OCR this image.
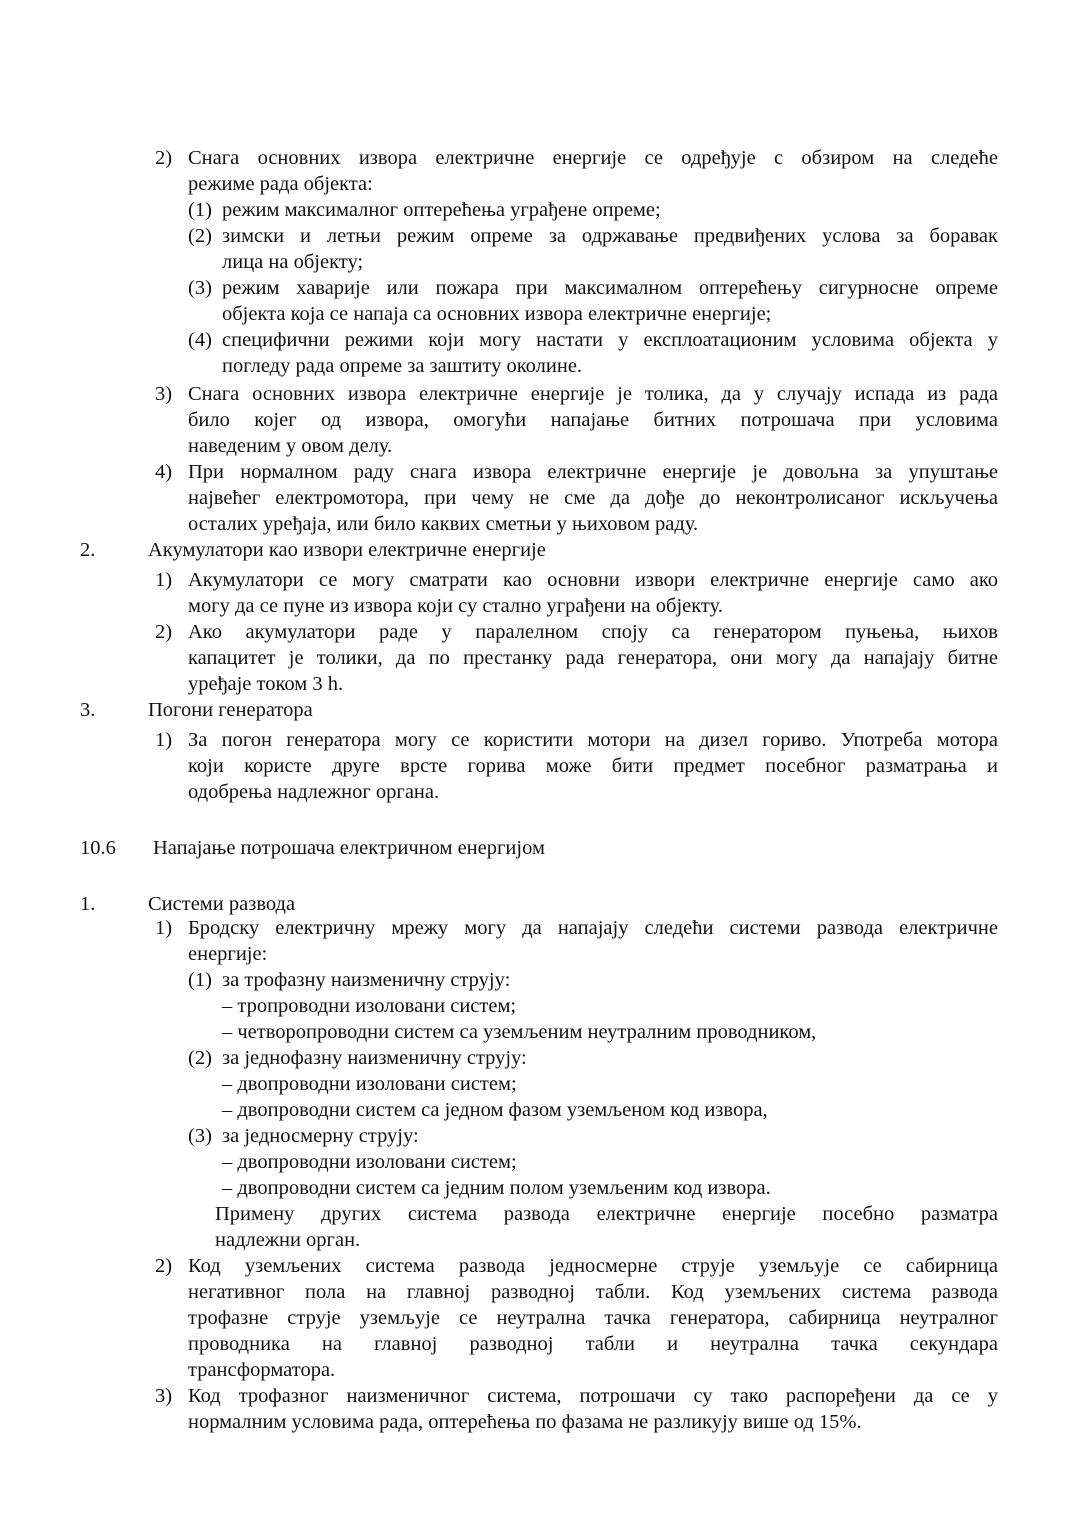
2) Снага основних извора електричне енергије се одређује с обзиром на следеће
режиме рада објекта:
(1) режим максималног оптерећења уграђене опреме;
(2) зимски и летњи режим опреме за одржавање предвиђених услова за боравак
лица на објекту;
(3) режим хаварије или пожара при максималном оптерећењу сигурносне опреме
објекта која се напаја са основних извора електричне енергије;
(4) специфични режими који могу настати у експлоатационим условима објекта у
погледу рада опреме за заштиту околине.
3) Снага основних извора електричне енергије је толика, да у случају испада из рада
било којег од извора, омогући напајање битних потрошача при условима
наведеним у овом делу.
4) При нормалном раду снага извора електричне енергије је довољна за упуштање
највећег електромотора, при чему не сме да дође до неконтролисаног искључења
осталих уређаја, или било каквих сметњи у њиховом раду.
2.	Акумулатори као извори електричне енергије
1) Акумулатори се могу сматрати као основни извори електричне енергије само ако
могу да се пуне из извора који су стално уграђени на објекту.
2) Ако акумулатори раде у паралелном споју са генератором пуњења, њихов
капацитет је толики, да по престанку рада генератора, они могу да напајају битне
уређаје током 3 h.
3.	Погони генератора
1) За погон генератора могу се користити мотори на дизел гориво. Употреба мотора
који користе друге врсте горива може бити предмет посебног разматрања и
одобрења надлежног органа.
10.6 Напајање потрошача електричном енергијом
1.	Системи развода
1) Бродску електричну мрежу могу да напајају следећи системи развода електричне
енергије:
(1) за трофазну наизменичну струју:
– тропроводни изоловани систем;
– четворопроводни систем са уземљеним неутралним проводником,
(2) за једнофазну наизменичну струју:
– двопроводни изоловани систем;
– двопроводни систем са једном фазом уземљеном код извора,
(3) за једносмерну струју:
– двопроводни изоловани систем;
– двопроводни систем са једним полом уземљеним код извора.
Примену других система развода електричне енергије посебно разматра
надлежни орган.
2) Код уземљених система развода једносмерне струје уземљује се сабирница
негативног пола на главној разводној табли. Код уземљених система развода
трофазне струје уземљује се неутрална тачка генератора, сабирница неутралног
проводника на главној разводној табли и неутрална тачка секундара
трансформатора.
3) Код трофазног наизменичног система, потрошачи су тако распоређени да се у
нормалним условима рада, оптерећења по фазама не разликују више од 15%.
